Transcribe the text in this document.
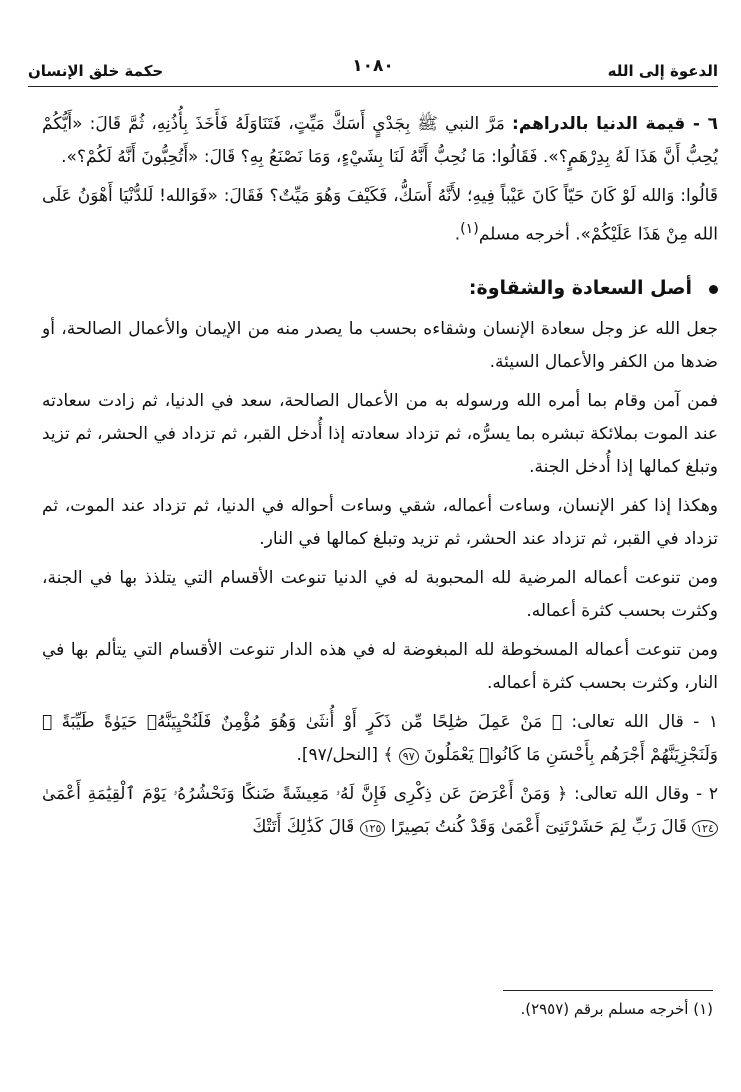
الدعوة إلى الله
١٠٨٠
حكمة خلق الإنسان

٦ - قيمة الدنيا بالدراهم: مَرَّ النبي ﷺ بِجَدْيٍ أَسَكَّ مَيِّتٍ، فَتَنَاوَلَهُ فَأَخَذَ بِأُذُنِهِ، ثُمَّ قَالَ: «أَيُّكُمْ يُحِبُّ أَنَّ هَذَا لَهُ بِدِرْهَمٍ؟». فَقَالُوا: مَا نُحِبُّ أَنَّهُ لَنَا بِشَيْءٍ، وَمَا نَصْنَعُ بِهِ؟ قَالَ: «أَتُحِبُّونَ أَنَّهُ لَكُمْ؟».

قَالُوا: وَالله لَوْ كَانَ حَيّاً كَانَ عَيْباً فِيهِ؛ لأَنَّهُ أَسَكُّ، فَكَيْفَ وَهُوَ مَيِّتٌ؟ فَقَالَ: «فَوَالله! لَلدُّنْيَا أَهْوَنُ عَلَى الله مِنْ هَذَا عَلَيْكُمْ». أخرجه مسلم$^{(١)}$.

أصل السعادة والشقاوة:

جعل الله عز وجل سعادة الإنسان وشقاءه بحسب ما يصدر منه من الإيمان والأعمال الصالحة، أو ضدها من الكفر والأعمال السيئة.

فمن آمن وقام بما أمره الله ورسوله به من الأعمال الصالحة، سعد في الدنيا، ثم زادت سعادته عند الموت بملائكة تبشره بما يسرُّه، ثم تزداد سعادته إذا أُدخل القبر، ثم تزداد في الحشر، ثم تزيد وتبلغ كمالها إذا أُدخل الجنة.

وهكذا إذا كفر الإنسان، وساءت أعماله، شقي وساءت أحواله في الدنيا، ثم تزداد عند الموت، ثم تزداد في القبر، ثم تزداد عند الحشر، ثم تزيد وتبلغ كمالها في النار.

ومن تنوعت أعماله المرضية لله المحبوبة له في الدنيا تنوعت الأقسام التي يتلذذ بها في الجنة، وكثرت بحسب كثرة أعماله.

ومن تنوعت أعماله المسخوطة لله المبغوضة له في هذه الدار تنوعت الأقسام التي يتألم بها في النار، وكثرت بحسب كثرة أعماله.

١ - قال الله تعالى: ﴿ مَنْ عَمِلَ صَٰلِحًا مِّن ذَكَرٍ أَوْ أُنثَىٰ وَهُوَ مُؤْمِنٌ فَلَنُحْيِيَنَّهُۥ حَيَوٰةً طَيِّبَةً ۖ وَلَنَجْزِيَنَّهُمْ أَجْرَهُم بِأَحْسَنِ مَا كَانُوا۟ يَعْمَلُونَ ٩٧ ﴾ [النحل/٩٧].

٢ - وقال الله تعالى: ﴿ وَمَنْ أَعْرَضَ عَن ذِكْرِى فَإِنَّ لَهُۥ مَعِيشَةً ضَنكًا وَنَحْشُرُهُۥ يَوْمَ ٱلْقِيَٰمَةِ أَعْمَىٰ ١٢٤ قَالَ رَبِّ لِمَ حَشَرْتَنِىٓ أَعْمَىٰ وَقَدْ كُنتُ بَصِيرًا ١٢٥ قَالَ كَذَٰلِكَ أَتَتْكَ

(١) أخرجه مسلم برقم (٢٩٥٧).
